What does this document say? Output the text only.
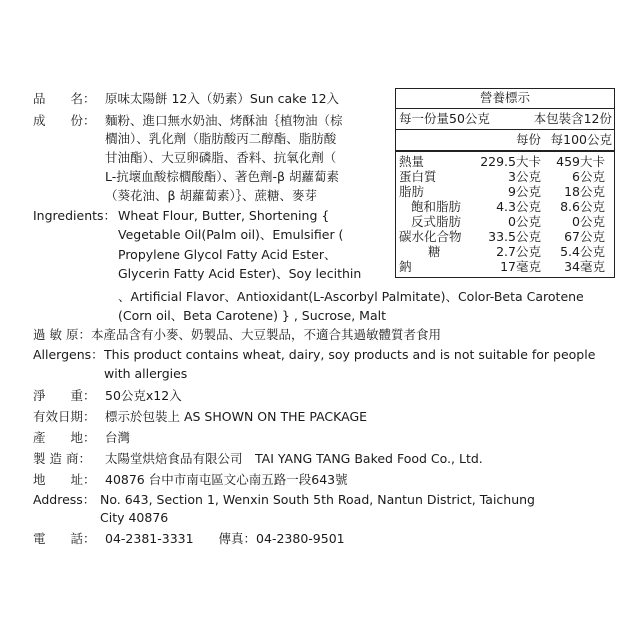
品　　名： 原味太陽餅 12入（奶素）Sun cake 12入
成　　份： 麵粉、進口無水奶油、烤酥油｛植物油（棕
櫚油）、乳化劑（脂肪酸丙二醇酯、脂肪酸
甘油酯）、大豆卵磷脂、香料、抗氧化劑（
L-抗壞血酸棕櫚酸酯）、著色劑-β 胡蘿蔔素
（葵花油、β 胡蘿蔔素）｝、蔗糖、麥芽
Ingredients： Wheat Flour, Butter, Shortening {
Vegetable Oil(Palm oil)、Emulsifier (
Propylene Glycol Fatty Acid Ester、
Glycerin Fatty Acid Ester)、Soy lecithin
、Artificial Flavor、Antioxidant(L-Ascorbyl Palmitate)、Color-Beta Carotene
(Corn oil、Beta Carotene) } , Sucrose, Malt
過 敏 原： 本產品含有小麥、奶製品、大豆製品，不適合其過敏體質者食用
Allergens： This product contains wheat, dairy, soy products and is not suitable for people
with allergies
淨　　重： 50公克x12入
有效日期： 標示於包裝上 AS SHOWN ON THE PACKAGE
產　　地： 台灣
製 造 商： 太陽堂烘焙食品有限公司　TAI YANG TANG Baked Food Co., Ltd.
地　　址： 40876 台中市南屯區文心南五路一段643號
Address： No. 643, Section 1, Wenxin South 5th Road, Nantun District, Taichung
City 40876
電　　話： 04-2381-3331　　傳真：04-2380-9501
營養標示
每一份量50公克	本包裝含12份
每份 每100公克
熱量	229.5大卡 459大卡
蛋白質	3公克 6公克
脂肪	9公克 18公克
飽和脂肪	4.3公克 8.6公克
反式脂肪	0公克 0公克
碳水化合物 33.5公克 67公克
糖	2.7公克 5.4公克
鈉	17毫克 34毫克
